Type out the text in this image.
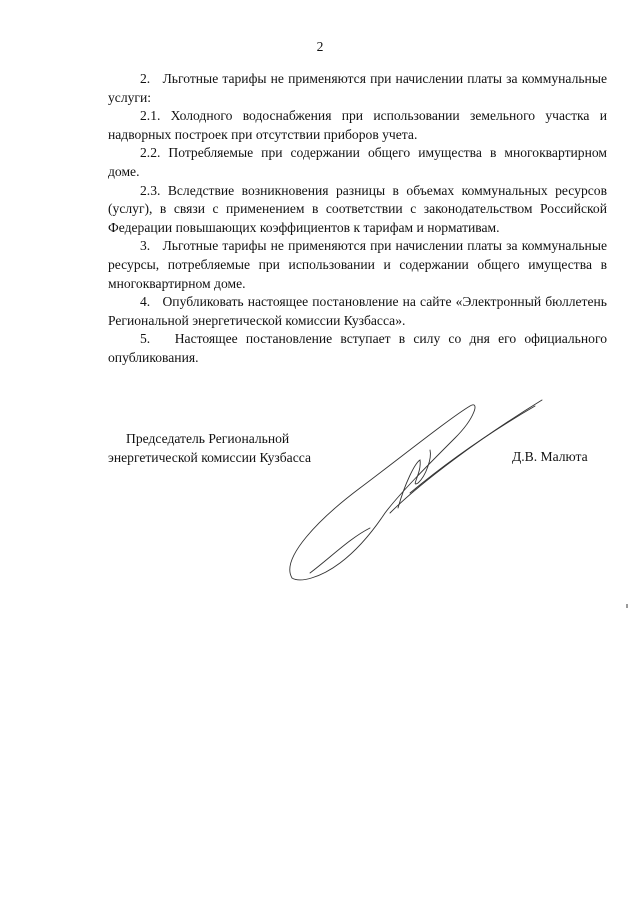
2

2.   Льготные тарифы не применяются при начислении платы за коммунальные услуги:

2.1. Холодного водоснабжения при использовании земельного участка и надворных построек при отсутствии приборов учета.

2.2. Потребляемые при содержании общего имущества в многоквартирном доме.

2.3. Вследствие возникновения разницы в объемах коммунальных ресурсов (услуг), в связи с применением в соответствии с законодательством Российской Федерации повышающих коэффициентов к тарифам и нормативам.

3.   Льготные тарифы не применяются при начислении платы за коммунальные ресурсы, потребляемые при использовании и содержании общего имущества в многоквартирном доме.

4.   Опубликовать настоящее постановление на сайте «Электронный бюллетень Региональной энергетической комиссии Кузбасса».

5.   Настоящее постановление вступает в силу со дня его официального опубликования.

Председатель Региональной
энергетической комиссии Кузбасса	Д.В. Малюта
